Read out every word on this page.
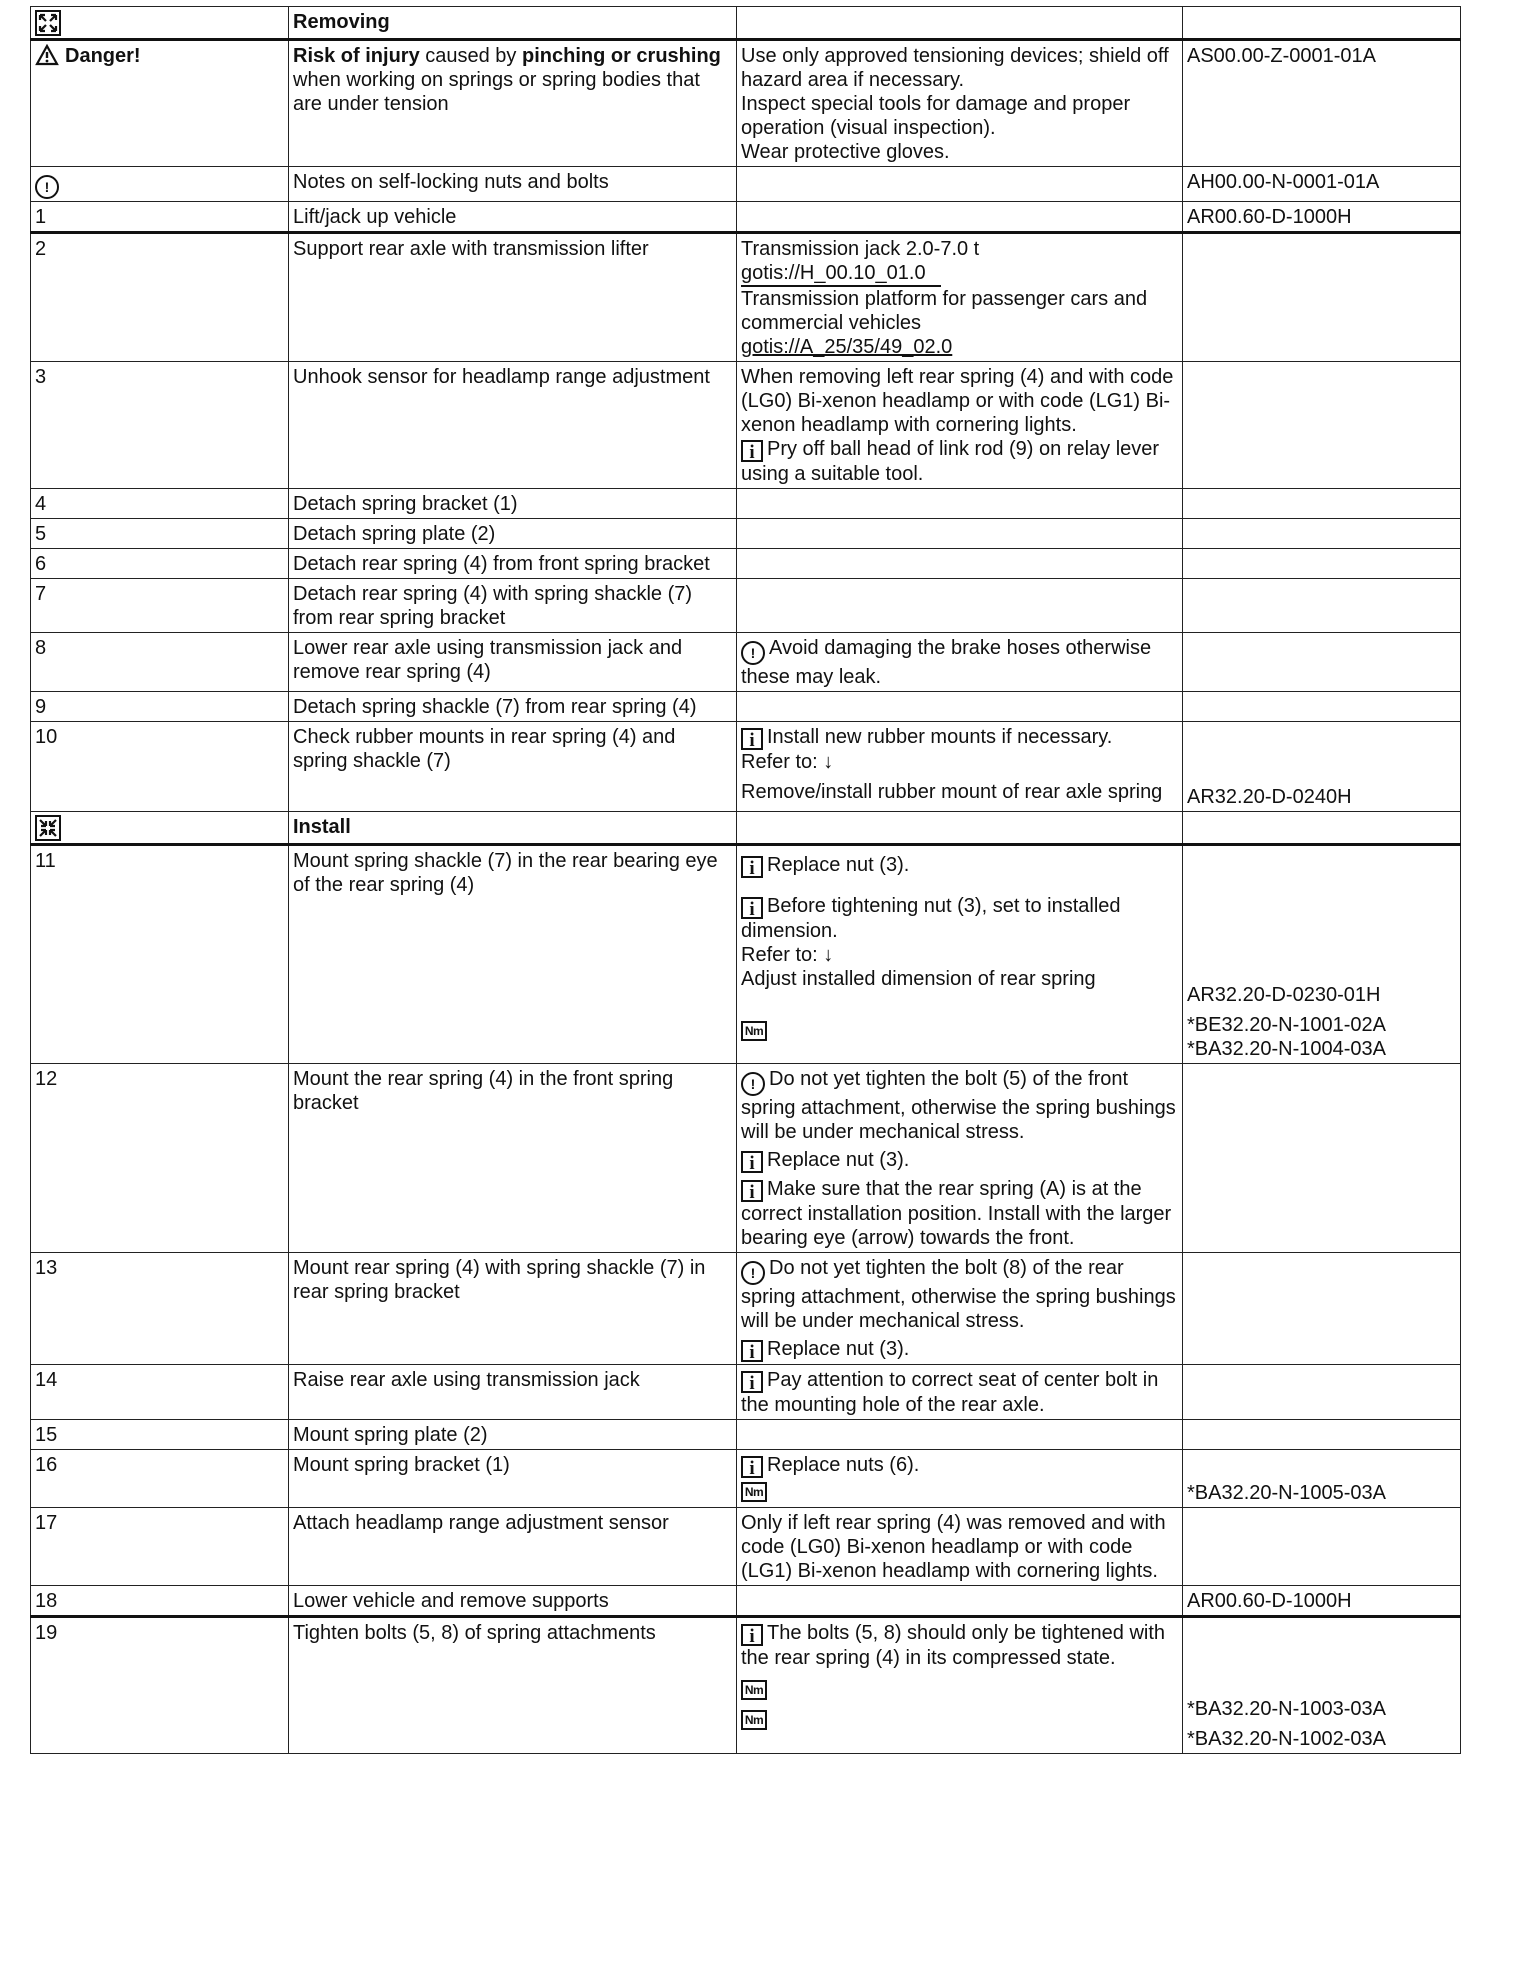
	Removing		
Danger!	Risk of injury caused by pinching or crushing when working on springs or spring bodies that are under tension	Use only approved tensioning devices; shield off hazard area if necessary.
Inspect special tools for damage and proper operation (visual inspection).
Wear protective gloves.	AS00.00-Z-0001-01A
!	Notes on self-locking nuts and bolts		AH00.00-N-0001-01A
1	Lift/jack up vehicle		AR00.60-D-1000H
2	Support rear axle with transmission lifter	Transmission jack 2.0-7.0 t
gotis://H_00.10_01.0
Transmission platform for passenger cars and commercial vehicles
gotis://A_25/35/49_02.0	

3	Unhook sensor for headlamp range adjustment	When removing left rear spring (4) and with code (LG0) Bi-xenon headlamp or with code (LG1) Bi-xenon headlamp with cornering lights.
i Pry off ball head of link rod (9) on relay lever using a suitable tool.	

4	Detach spring bracket (1)		
5	Detach spring plate (2)		
6	Detach rear spring (4) from front spring bracket		
7	Detach rear spring (4) with spring shackle (7) from rear spring bracket		
8	Lower rear axle using transmission jack and remove rear spring (4)	! Avoid damaging the brake hoses otherwise these may leak.	
9	Detach spring shackle (7) from rear spring (4)		
10	Check rubber mounts in rear spring (4) and spring shackle (7)	i Install new rubber mounts if necessary.
Refer to: ↓
Remove/install rubber mount of rear axle spring	AR32.20-D-0240H

	Install		
11	Mount spring shackle (7) in the rear bearing eye of the rear spring (4)	i Replace nut (3).
i Before tightening nut (3), set to installed dimension.
Refer to: ↓
Adjust installed dimension of rear spring
Nm	AR32.20-D-0230-01H
*BE32.20-N-1001-02A
*BA32.20-N-1004-03A

12	Mount the rear spring (4) in the front spring bracket	! Do not yet tighten the bolt (5) of the front spring attachment, otherwise the spring bushings will be under mechanical stress.
i Replace nut (3).
i Make sure that the rear spring (A) is at the correct installation position. Install with the larger bearing eye (arrow) towards the front.	

13	Mount rear spring (4) with spring shackle (7) in rear spring bracket	! Do not yet tighten the bolt (8) of the rear spring attachment, otherwise the spring bushings will be under mechanical stress.
i Replace nut (3).	

14	Raise rear axle using transmission jack	i Pay attention to correct seat of center bolt in the mounting hole of the rear axle.	
15	Mount spring plate (2)		
16	Mount spring bracket (1)	i Replace nuts (6).
Nm	*BA32.20-N-1005-03A

17	Attach headlamp range adjustment sensor	Only if left rear spring (4) was removed and with code (LG0) Bi-xenon headlamp or with code (LG1) Bi-xenon headlamp with cornering lights.	
18	Lower vehicle and remove supports		AR00.60-D-1000H
19	Tighten bolts (5, 8) of spring attachments	i The bolts (5, 8) should only be tightened with the rear spring (4) in its compressed state.
Nm
Nm	*BA32.20-N-1003-03A
*BA32.20-N-1002-03A
